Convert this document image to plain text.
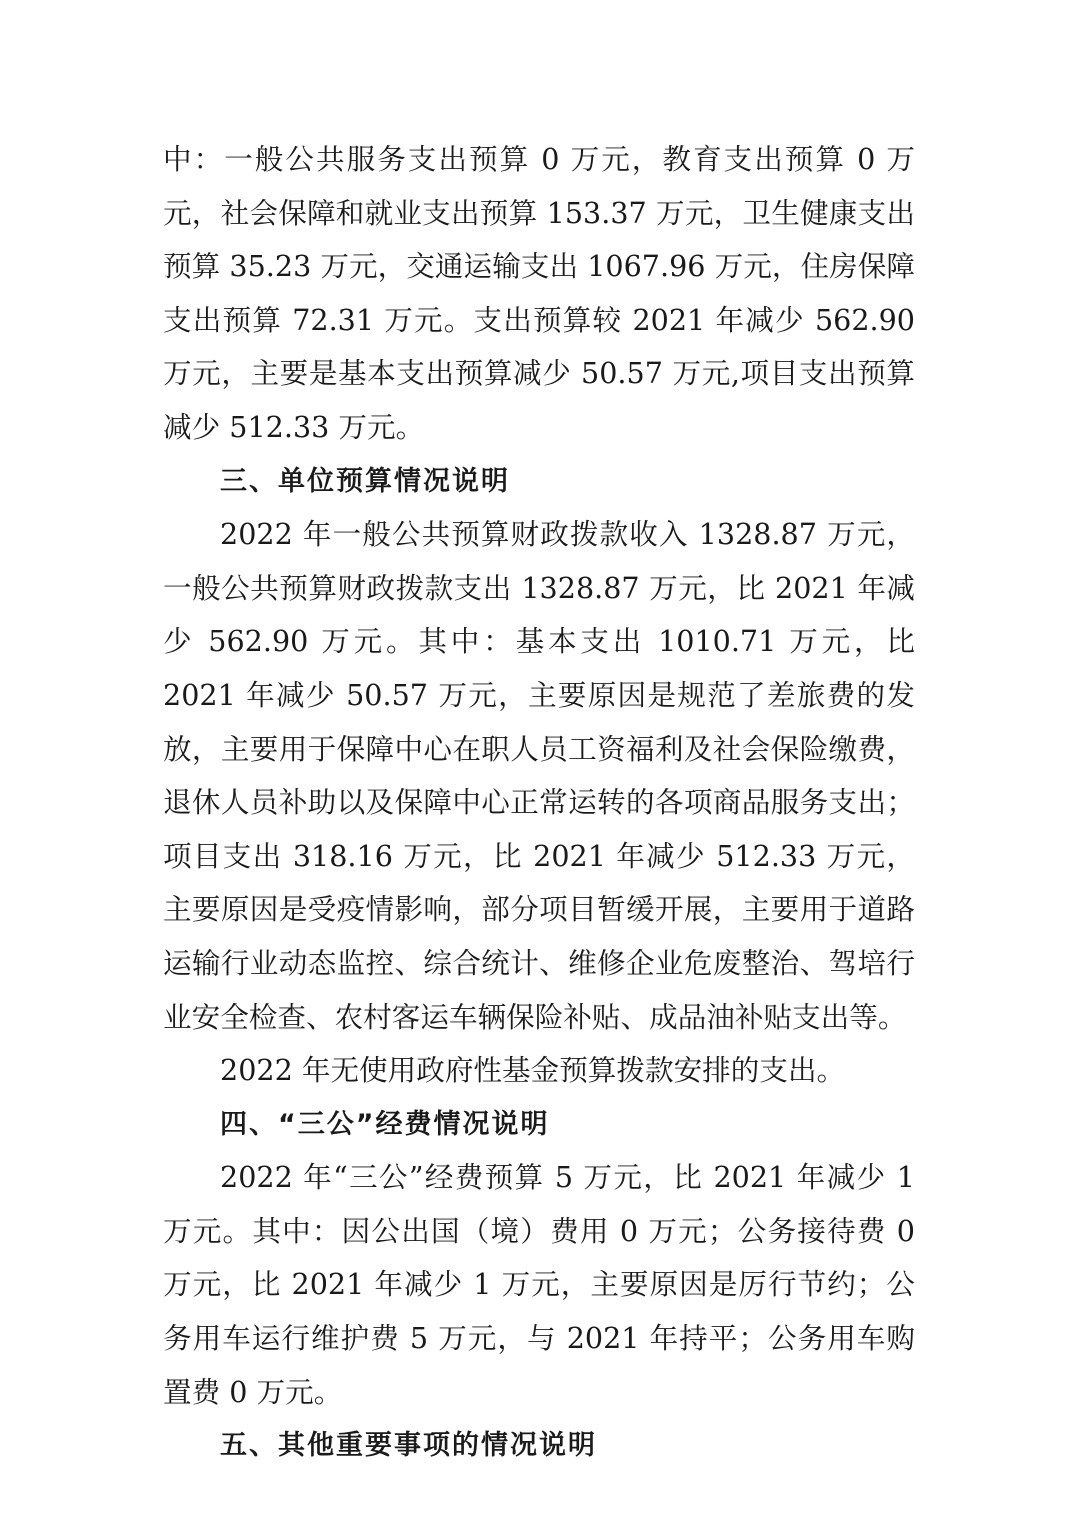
中：一般公共服务支出预算 0 万元，教育支出预算 0 万元，社会保障和就业支出预算 153.37 万元，卫生健康支出预算 35.23 万元，交通运输支出 1067.96 万元，住房保障支出预算 72.31 万元。支出预算较 2021 年减少 562.90 万元，主要是基本支出预算减少 50.57 万元,项目支出预算减少 512.33 万元。

三、单位预算情况说明

2022 年一般公共预算财政拨款收入 1328.87 万元，一般公共预算财政拨款支出 1328.87 万元，比 2021 年减少 562.90 万元。其中：基本支出 1010.71 万元，比 2021 年减少 50.57 万元，主要原因是规范了差旅费的发放，主要用于保障中心在职人员工资福利及社会保险缴费，退休人员补助以及保障中心正常运转的各项商品服务支出；项目支出 318.16 万元，比 2021 年减少 512.33 万元，主要原因是受疫情影响，部分项目暂缓开展，主要用于道路运输行业动态监控、综合统计、维修企业危废整治、驾培行业安全检查、农村客运车辆保险补贴、成品油补贴支出等。

2022 年无使用政府性基金预算拨款安排的支出。

四、“三公”经费情况说明

2022 年“三公”经费预算 5 万元，比 2021 年减少 1 万元。其中：因公出国（境）费用 0 万元；公务接待费 0 万元，比 2021 年减少 1 万元，主要原因是厉行节约；公务用车运行维护费 5 万元，与 2021 年持平；公务用车购置费 0 万元。

五、其他重要事项的情况说明
